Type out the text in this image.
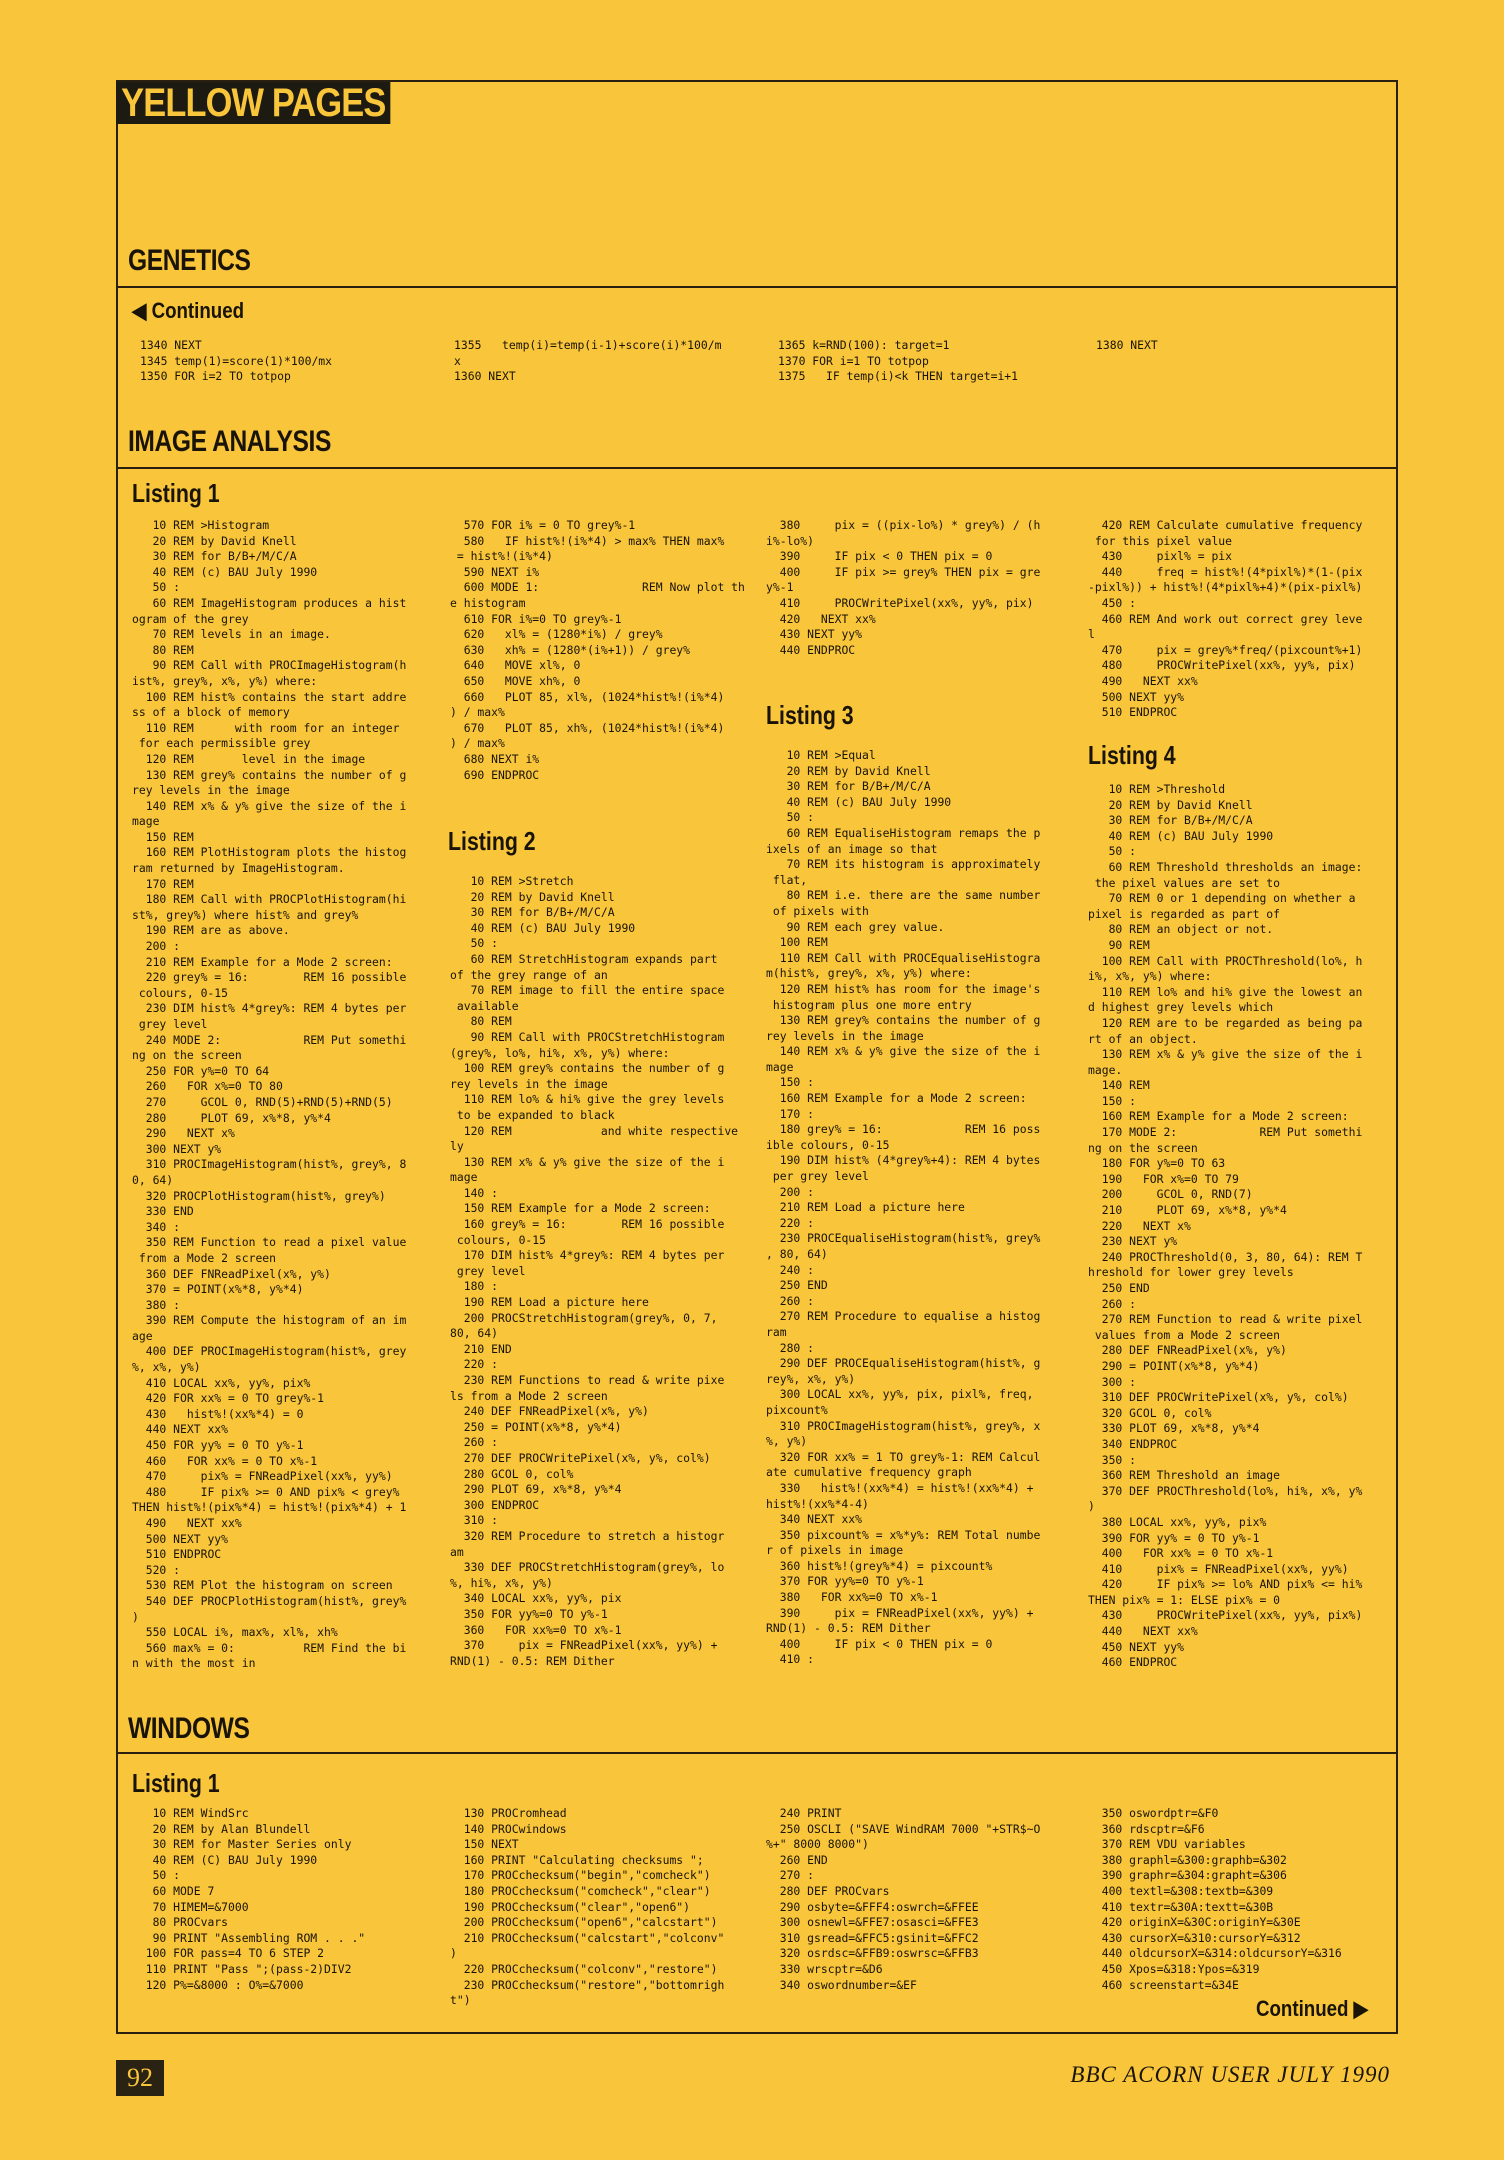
YELLOW PAGES
GENETICS
◀ Continued
1340 NEXT
1345 temp(1)=score(1)*100/mx
1350 FOR i=2 TO totpop
1355   temp(i)=temp(i-1)+score(i)*100/m
x
1360 NEXT
1365 k=RND(100): target=1
1370 FOR i=1 TO totpop
1375   IF temp(i)<k THEN target=i+1
1380 NEXT
IMAGE ANALYSIS
Listing 1
10 REM >Histogram
20 REM by David Knell
30 REM for B/B+/M/C/A
40 REM (c) BAU July 1990
50 :
60 REM ImageHistogram produces a hist
ogram of the grey
70 REM levels in an image.
80 REM
90 REM Call with PROCImageHistogram(h
ist%, grey%, x%, y%) where:
100 REM hist% contains the start addre
ss of a block of memory
110 REM      with room for an integer
for each permissible grey
120 REM       level in the image
130 REM grey% contains the number of g
rey levels in the image
140 REM x% & y% give the size of the i
mage
150 REM
160 REM PlotHistogram plots the histog
ram returned by ImageHistogram.
170 REM
180 REM Call with PROCPlotHistogram(hi
st%, grey%) where hist% and grey%
190 REM are as above.
200 :
210 REM Example for a Mode 2 screen:
220 grey% = 16:        REM 16 possible
colours, 0-15
230 DIM hist% 4*grey%: REM 4 bytes per
grey level
240 MODE 2:            REM Put somethi
ng on the screen
250 FOR y%=0 TO 64
260   FOR x%=0 TO 80
270     GCOL 0, RND(5)+RND(5)+RND(5)
280     PLOT 69, x%*8, y%*4
290   NEXT x%
300 NEXT y%
310 PROCImageHistogram(hist%, grey%, 8
0, 64)
320 PROCPlotHistogram(hist%, grey%)
330 END
340 :
350 REM Function to read a pixel value
from a Mode 2 screen
360 DEF FNReadPixel(x%, y%)
370 = POINT(x%*8, y%*4)
380 :
390 REM Compute the histogram of an im
age
400 DEF PROCImageHistogram(hist%, grey
%, x%, y%)
410 LOCAL xx%, yy%, pix%
420 FOR xx% = 0 TO grey%-1
430   hist%!(xx%*4) = 0
440 NEXT xx%
450 FOR yy% = 0 TO y%-1
460   FOR xx% = 0 TO x%-1
470     pix% = FNReadPixel(xx%, yy%)
480     IF pix% >= 0 AND pix% < grey%
THEN hist%!(pix%*4) = hist%!(pix%*4) + 1
490   NEXT xx%
500 NEXT yy%
510 ENDPROC
520 :
530 REM Plot the histogram on screen
540 DEF PROCPlotHistogram(hist%, grey%
)
550 LOCAL i%, max%, xl%, xh%
560 max% = 0:          REM Find the bi
n with the most in
570 FOR i% = 0 TO grey%-1
580   IF hist%!(i%*4) > max% THEN max%
= hist%!(i%*4)
590 NEXT i%
600 MODE 1:               REM Now plot th
e histogram
610 FOR i%=0 TO grey%-1
620   xl% = (1280*i%) / grey%
630   xh% = (1280*(i%+1)) / grey%
640   MOVE xl%, 0
650   MOVE xh%, 0
660   PLOT 85, xl%, (1024*hist%!(i%*4)
) / max%
670   PLOT 85, xh%, (1024*hist%!(i%*4)
) / max%
680 NEXT i%
690 ENDPROC
Listing 2
10 REM >Stretch
20 REM by David Knell
30 REM for B/B+/M/C/A
40 REM (c) BAU July 1990
50 :
60 REM StretchHistogram expands part
of the grey range of an
70 REM image to fill the entire space
available
80 REM
90 REM Call with PROCStretchHistogram
(grey%, lo%, hi%, x%, y%) where:
100 REM grey% contains the number of g
rey levels in the image
110 REM lo% & hi% give the grey levels
to be expanded to black
120 REM             and white respective
ly
130 REM x% & y% give the size of the i
mage
140 :
150 REM Example for a Mode 2 screen:
160 grey% = 16:        REM 16 possible
colours, 0-15
170 DIM hist% 4*grey%: REM 4 bytes per
grey level
180 :
190 REM Load a picture here
200 PROCStretchHistogram(grey%, 0, 7,
80, 64)
210 END
220 :
230 REM Functions to read & write pixe
ls from a Mode 2 screen
240 DEF FNReadPixel(x%, y%)
250 = POINT(x%*8, y%*4)
260 :
270 DEF PROCWritePixel(x%, y%, col%)
280 GCOL 0, col%
290 PLOT 69, x%*8, y%*4
300 ENDPROC
310 :
320 REM Procedure to stretch a histogr
am
330 DEF PROCStretchHistogram(grey%, lo
%, hi%, x%, y%)
340 LOCAL xx%, yy%, pix
350 FOR yy%=0 TO y%-1
360   FOR xx%=0 TO x%-1
370     pix = FNReadPixel(xx%, yy%) +
RND(1) - 0.5: REM Dither
380     pix = ((pix-lo%) * grey%) / (h
i%-lo%)
390     IF pix < 0 THEN pix = 0
400     IF pix >= grey% THEN pix = gre
y%-1
410     PROCWritePixel(xx%, yy%, pix)
420   NEXT xx%
430 NEXT yy%
440 ENDPROC
Listing 3
10 REM >Equal
20 REM by David Knell
30 REM for B/B+/M/C/A
40 REM (c) BAU July 1990
50 :
60 REM EqualiseHistogram remaps the p
ixels of an image so that
70 REM its histogram is approximately
flat,
80 REM i.e. there are the same number
of pixels with
90 REM each grey value.
100 REM
110 REM Call with PROCEqualiseHistogra
m(hist%, grey%, x%, y%) where:
120 REM hist% has room for the image's
histogram plus one more entry
130 REM grey% contains the number of g
rey levels in the image
140 REM x% & y% give the size of the i
mage
150 :
160 REM Example for a Mode 2 screen:
170 :
180 grey% = 16:            REM 16 poss
ible colours, 0-15
190 DIM hist% (4*grey%+4): REM 4 bytes
per grey level
200 :
210 REM Load a picture here
220 :
230 PROCEqualiseHistogram(hist%, grey%
, 80, 64)
240 :
250 END
260 :
270 REM Procedure to equalise a histog
ram
280 :
290 DEF PROCEqualiseHistogram(hist%, g
rey%, x%, y%)
300 LOCAL xx%, yy%, pix, pixl%, freq,
pixcount%
310 PROCImageHistogram(hist%, grey%, x
%, y%)
320 FOR xx% = 1 TO grey%-1: REM Calcul
ate cumulative frequency graph
330   hist%!(xx%*4) = hist%!(xx%*4) +
hist%!(xx%*4-4)
340 NEXT xx%
350 pixcount% = x%*y%: REM Total numbe
r of pixels in image
360 hist%!(grey%*4) = pixcount%
370 FOR yy%=0 TO y%-1
380   FOR xx%=0 TO x%-1
390     pix = FNReadPixel(xx%, yy%) +
RND(1) - 0.5: REM Dither
400     IF pix < 0 THEN pix = 0
410 :
420 REM Calculate cumulative frequency
for this pixel value
430     pixl% = pix
440     freq = hist%!(4*pixl%)*(1-(pix
-pixl%)) + hist%!(4*pixl%+4)*(pix-pixl%)
450 :
460 REM And work out correct grey leve
l
470     pix = grey%*freq/(pixcount%+1)
480     PROCWritePixel(xx%, yy%, pix)
490   NEXT xx%
500 NEXT yy%
510 ENDPROC
Listing 4
10 REM >Threshold
20 REM by David Knell
30 REM for B/B+/M/C/A
40 REM (c) BAU July 1990
50 :
60 REM Threshold thresholds an image:
the pixel values are set to
70 REM 0 or 1 depending on whether a
pixel is regarded as part of
80 REM an object or not.
90 REM
100 REM Call with PROCThreshold(lo%, h
i%, x%, y%) where:
110 REM lo% and hi% give the lowest an
d highest grey levels which
120 REM are to be regarded as being pa
rt of an object.
130 REM x% & y% give the size of the i
mage.
140 REM
150 :
160 REM Example for a Mode 2 screen:
170 MODE 2:            REM Put somethi
ng on the screen
180 FOR y%=0 TO 63
190   FOR x%=0 TO 79
200     GCOL 0, RND(7)
210     PLOT 69, x%*8, y%*4
220   NEXT x%
230 NEXT y%
240 PROCThreshold(0, 3, 80, 64): REM T
hreshold for lower grey levels
250 END
260 :
270 REM Function to read & write pixel
values from a Mode 2 screen
280 DEF FNReadPixel(x%, y%)
290 = POINT(x%*8, y%*4)
300 :
310 DEF PROCWritePixel(x%, y%, col%)
320 GCOL 0, col%
330 PLOT 69, x%*8, y%*4
340 ENDPROC
350 :
360 REM Threshold an image
370 DEF PROCThreshold(lo%, hi%, x%, y%
)
380 LOCAL xx%, yy%, pix%
390 FOR yy% = 0 TO y%-1
400   FOR xx% = 0 TO x%-1
410     pix% = FNReadPixel(xx%, yy%)
420     IF pix% >= lo% AND pix% <= hi%
THEN pix% = 1: ELSE pix% = 0
430     PROCWritePixel(xx%, yy%, pix%)
440   NEXT xx%
450 NEXT yy%
460 ENDPROC
WINDOWS
Listing 1
10 REM WindSrc
20 REM by Alan Blundell
30 REM for Master Series only
40 REM (C) BAU July 1990
50 :
60 MODE 7
70 HIMEM=&7000
80 PROCvars
90 PRINT "Assembling ROM . . ."
100 FOR pass=4 TO 6 STEP 2
110 PRINT "Pass ";(pass-2)DIV2
120 P%=&8000 : O%=&7000
130 PROCromhead
140 PROCwindows
150 NEXT
160 PRINT "Calculating checksums ";
170 PROCchecksum("begin","comcheck")
180 PROCchecksum("comcheck","clear")
190 PROCchecksum("clear","open6")
200 PROCchecksum("open6","calcstart")
210 PROCchecksum("calcstart","colconv"
)
220 PROCchecksum("colconv","restore")
230 PROCchecksum("restore","bottomrigh
t")
240 PRINT
250 OSCLI ("SAVE WindRAM 7000 "+STR$~O
%+" 8000 8000")
260 END
270 :
280 DEF PROCvars
290 osbyte=&FFF4:oswrch=&FFEE
300 osnewl=&FFE7:osasci=&FFE3
310 gsread=&FFC5:gsinit=&FFC2
320 osrdsc=&FFB9:oswrsc=&FFB3
330 wrscptr=&D6
340 oswordnumber=&EF
350 oswordptr=&F0
360 rdscptr=&F6
370 REM VDU variables
380 graphl=&300:graphb=&302
390 graphr=&304:grapht=&306
400 textl=&308:textb=&309
410 textr=&30A:textt=&30B
420 originX=&30C:originY=&30E
430 cursorX=&310:cursorY=&312
440 oldcursorX=&314:oldcursorY=&316
450 Xpos=&318:Ypos=&319
460 screenstart=&34E
Continued ▶
92	BBC ACORN USER JULY 1990
